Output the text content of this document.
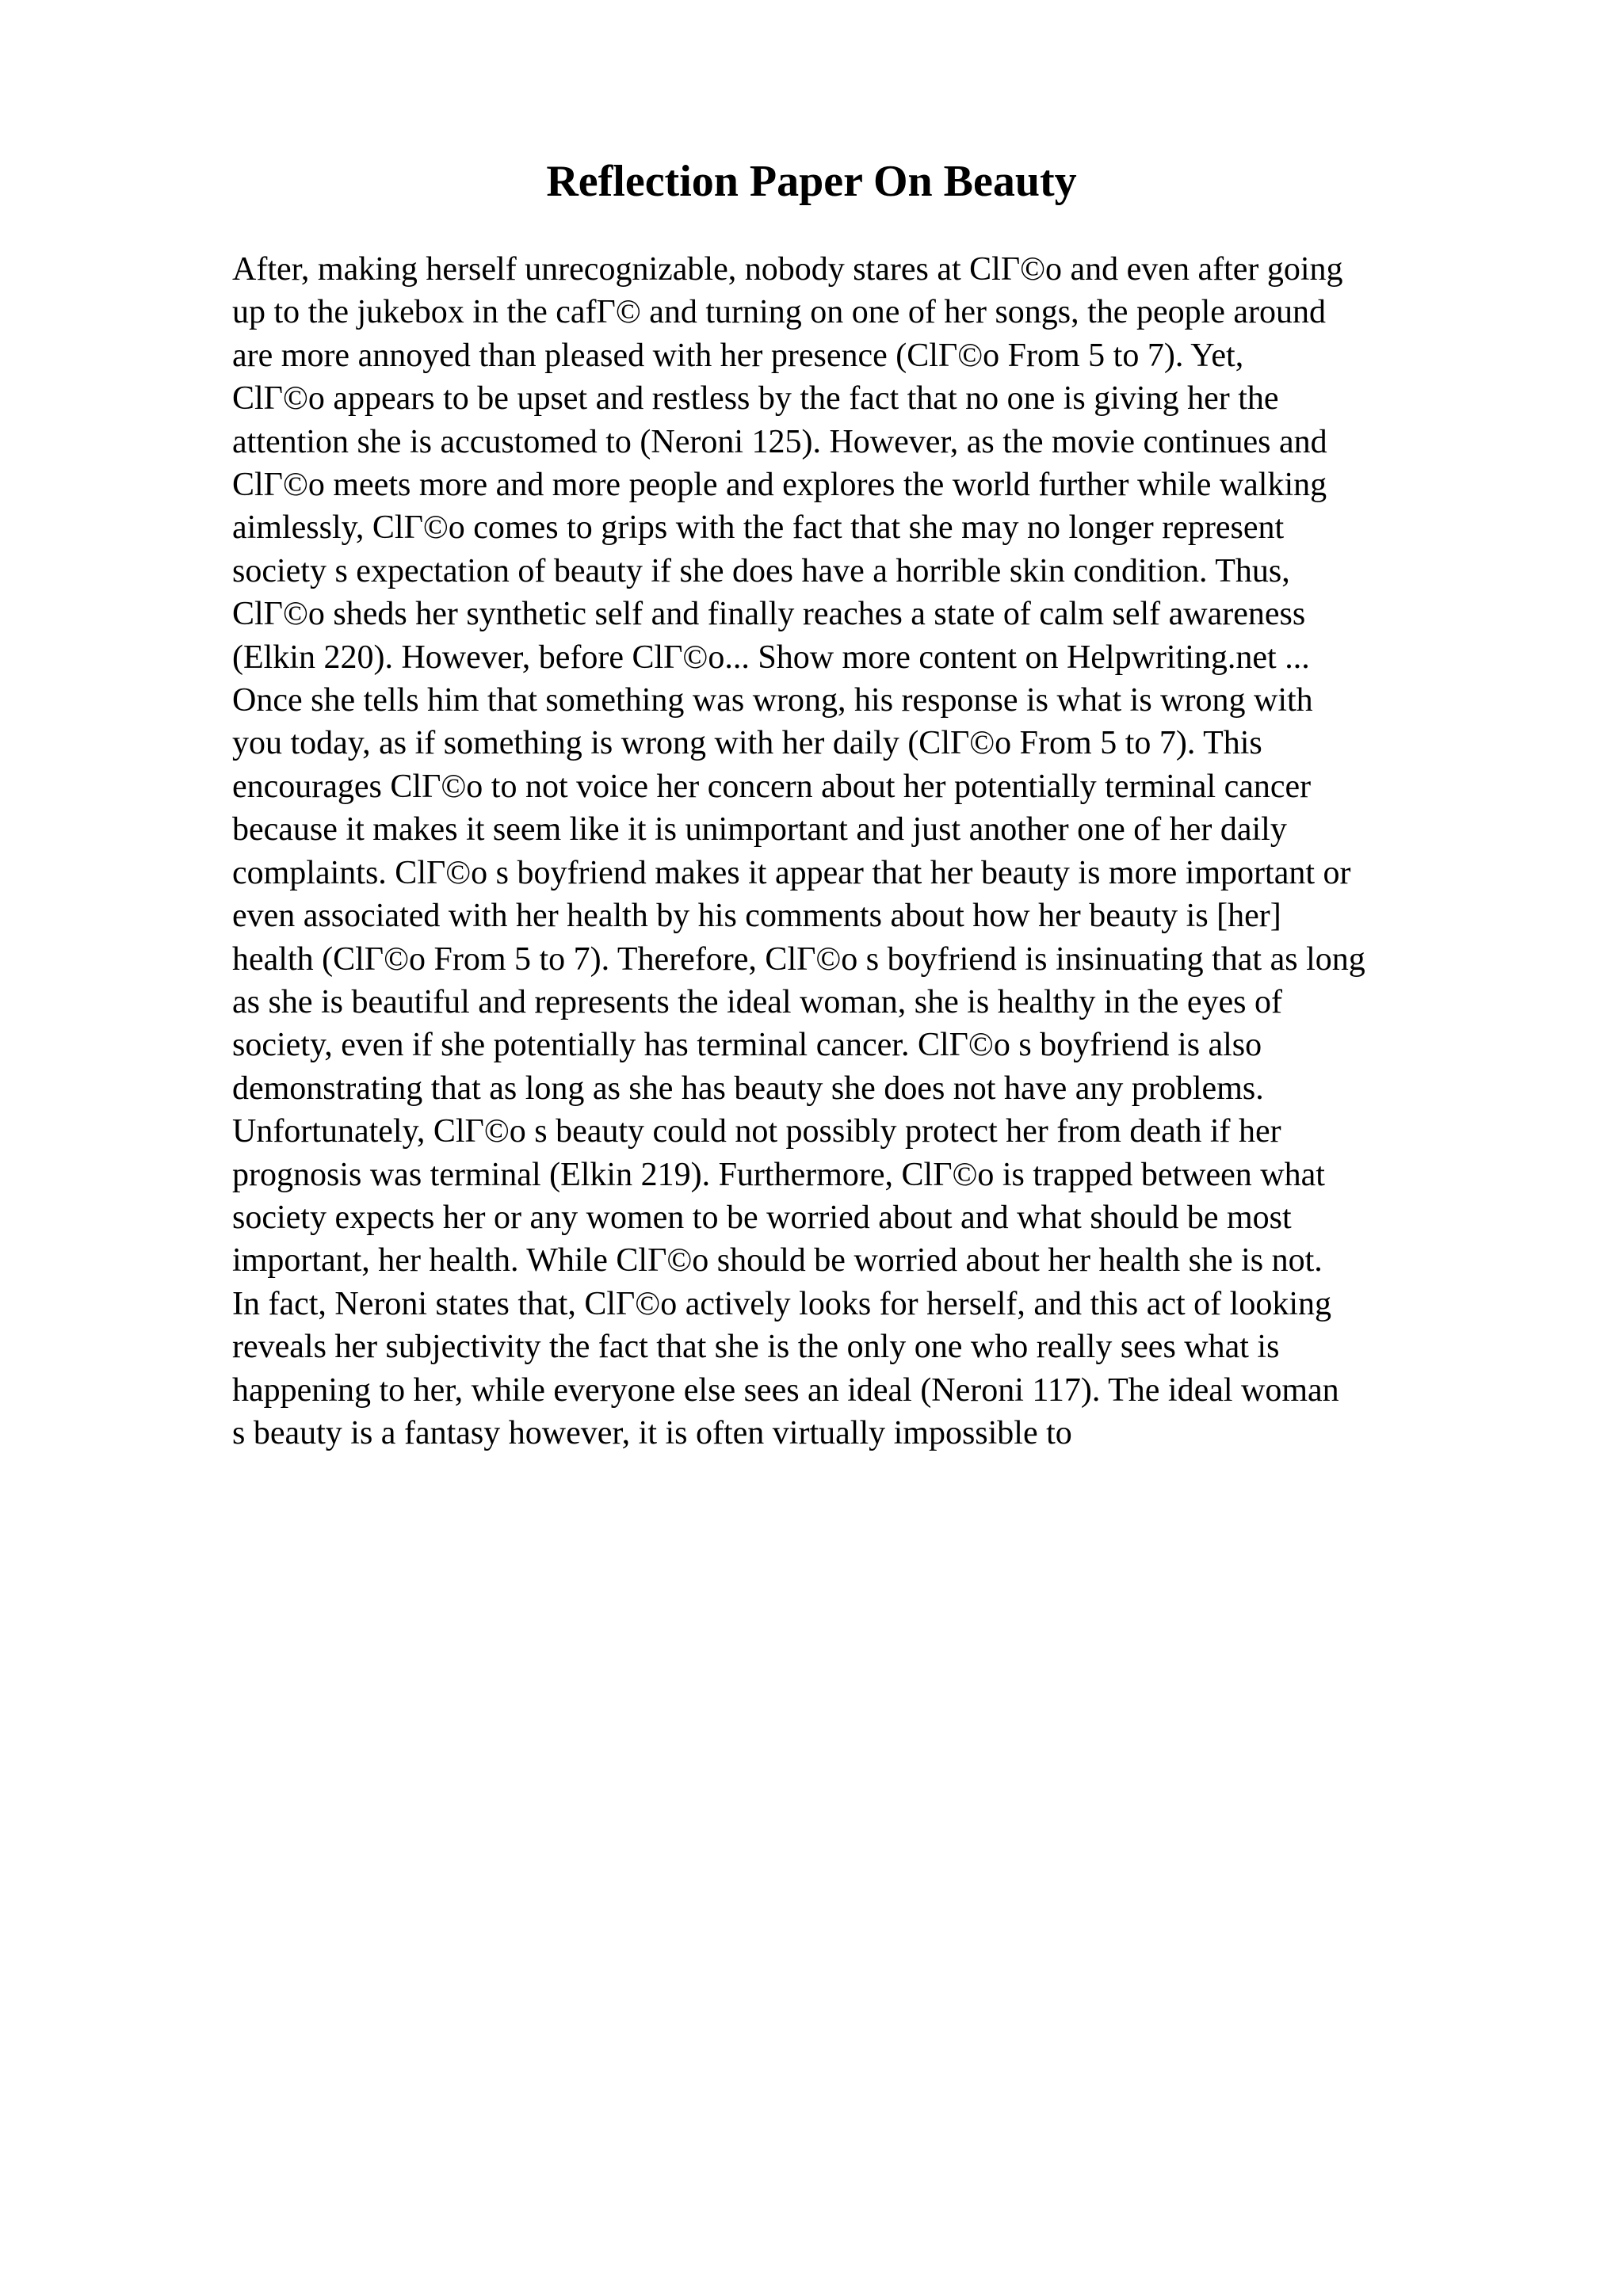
Reflection Paper On Beauty
After, making herself unrecognizable, nobody stares at ClГ©o and even after going
up to the jukebox in the cafГ© and turning on one of her songs, the people around
are more annoyed than pleased with her presence (ClГ©o From 5 to 7). Yet,
ClГ©o appears to be upset and restless by the fact that no one is giving her the
attention she is accustomed to (Neroni 125). However, as the movie continues and
ClГ©o meets more and more people and explores the world further while walking
aimlessly, ClГ©o comes to grips with the fact that she may no longer represent
society s expectation of beauty if she does have a horrible skin condition. Thus,
ClГ©o sheds her synthetic self and finally reaches a state of calm self awareness
(Elkin 220). However, before ClГ©o... Show more content on Helpwriting.net ...
Once she tells him that something was wrong, his response is what is wrong with
you today, as if something is wrong with her daily (ClГ©o From 5 to 7). This
encourages ClГ©o to not voice her concern about her potentially terminal cancer
because it makes it seem like it is unimportant and just another one of her daily
complaints. ClГ©o s boyfriend makes it appear that her beauty is more important or
even associated with her health by his comments about how her beauty is [her]
health (ClГ©o From 5 to 7). Therefore, ClГ©o s boyfriend is insinuating that as long
as she is beautiful and represents the ideal woman, she is healthy in the eyes of
society, even if she potentially has terminal cancer. ClГ©o s boyfriend is also
demonstrating that as long as she has beauty she does not have any problems.
Unfortunately, ClГ©o s beauty could not possibly protect her from death if her
prognosis was terminal (Elkin 219). Furthermore, ClГ©o is trapped between what
society expects her or any women to be worried about and what should be most
important, her health. While ClГ©o should be worried about her health she is not.
In fact, Neroni states that, ClГ©o actively looks for herself, and this act of looking
reveals her subjectivity the fact that she is the only one who really sees what is
happening to her, while everyone else sees an ideal (Neroni 117). The ideal woman
s beauty is a fantasy however, it is often virtually impossible to
